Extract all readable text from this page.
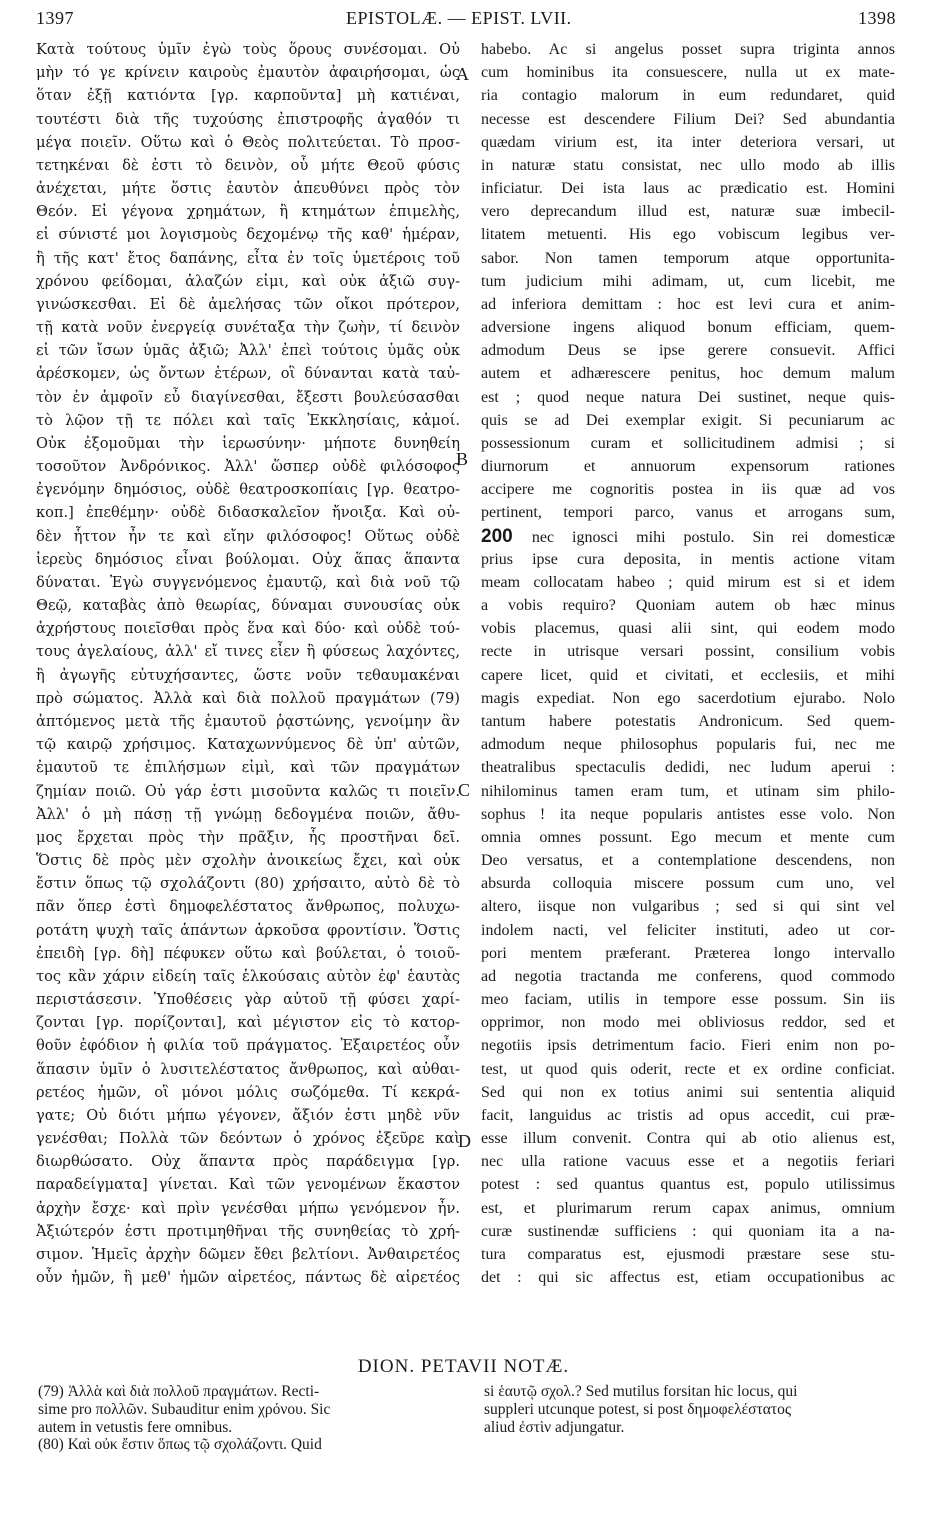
1397	EPISTOLÆ. — EPIST. LVII.	1398
Κατὰ τούτους ὑμῖν ἐγὼ τοὺς ὅρους συνέσομαι. Οὐ
μὴν τό γε κρίνειν καιροὺς ἐμαυτὸν ἀφαιρήσομαι, ὡς
ὅταν ἐξῇ κατιόντα [γρ. καρποῦντα] μὴ κατιέναι,
τουτέστι διὰ τῆς τυχούσης ἐπιστροφῆς ἀγαθόν τι
μέγα ποιεῖν. Οὕτω καὶ ὁ Θεὸς πολιτεύεται. Τὸ προσ-
τετηκέναι δὲ ἐστι τὸ δεινὸν, οὗ μήτε Θεοῦ φύσις
ἀνέχεται, μήτε ὅστις ἑαυτὸν ἀπευθύνει πρὸς τὸν
Θεόν. Εἰ γέγονα χρημάτων, ἢ κτημάτων ἐπιμελὴς,
εἰ σύνιστέ μοι λογισμοὺς δεχομένῳ τῆς καθ' ἡμέραν,
ἢ τῆς κατ' ἔτος δαπάνης, εἶτα ἐν τοῖς ὑμετέροις τοῦ
χρόνου φείδομαι, ἀλαζών εἰμι, καὶ οὐκ ἀξιῶ συγ-
γινώσκεσθαι. Εἰ δὲ ἀμελήσας τῶν οἴκοι πρότερον,
τῇ κατὰ νοῦν ἐνεργείᾳ συνέταξα τὴν ζωὴν, τί δεινὸν
εἰ τῶν ἴσων ὑμᾶς ἀξιῶ; Ἀλλ' ἐπεὶ τούτοις ὑμᾶς οὐκ
ἀρέσκομεν, ὡς ὄντων ἑτέρων, οἳ δύνανται κατὰ ταὐ-
τὸν ἐν ἀμφοῖν εὖ διαγίνεσθαι, ἔξεστι βουλεύσασθαι
τὸ λῷον τῇ τε πόλει καὶ ταῖς Ἐκκλησίαις, κἀμοί.
Οὐκ ἐξομοῦμαι τὴν ἱερωσύνην· μήποτε δυνηθείη
τοσοῦτον Ἀνδρόνικος. Ἀλλ' ὥσπερ οὐδὲ φιλόσοφος
ἐγενόμην δημόσιος, οὐδὲ θεατροσκοπίαις [γρ. θεατρο-
κοπ.] ἐπεθέμην· οὐδὲ διδασκαλεῖον ἤνοιξα. Καὶ οὐ-
δὲν ἧττον ἦν τε καὶ εἴην φιλόσοφος! Οὕτως οὐδὲ
ἱερεὺς δημόσιος εἶναι βούλομαι. Οὐχ ἅπας ἅπαντα
δύναται. Ἐγὼ συγγενόμενος ἐμαυτῷ, καὶ διὰ νοῦ τῷ
Θεῷ, καταβὰς ἀπὸ θεωρίας, δύναμαι συνουσίας οὐκ
ἀχρήστους ποιεῖσθαι πρὸς ἕνα καὶ δύο· καὶ οὐδὲ τού-
τους ἀγελαίους, ἀλλ' εἴ τινες εἶεν ἢ φύσεως λαχόντες,
ἢ ἀγωγῆς εὐτυχήσαντες, ὥστε νοῦν τεθαυμακέναι
πρὸ σώματος. Ἀλλὰ καὶ διὰ πολλοῦ πραγμάτων (79)
ἀπτόμενος μετὰ τῆς ἐμαυτοῦ ῥᾳστώνης, γενοίμην ἂν
τῷ καιρῷ χρήσιμος. Καταχωννύμενος δὲ ὑπ' αὐτῶν,
ἐμαυτοῦ τε ἐπιλήσμων εἰμὶ, καὶ τῶν πραγμάτων
ζημίαν ποιῶ. Οὐ γάρ ἐστι μισοῦντα καλῶς τι ποιεῖν.
Ἀλλ' ὁ μὴ πάσῃ τῇ γνώμῃ δεδογμένα ποιῶν, ἄθυ-
μος ἔρχεται πρὸς τὴν πρᾶξιν, ἧς προστῆναι δεῖ.
Ὅστις δὲ πρὸς μὲν σχολὴν ἀνοικείως ἔχει, καὶ οὐκ
ἔστιν ὅπως τῷ σχολάζοντι (80) χρήσαιτο, αὐτὸ δὲ τὸ
πᾶν ὅπερ ἐστὶ δημοφελέστατος ἄνθρωπος, πολυχω-
ροτάτη ψυχὴ ταῖς ἁπάντων ἀρκοῦσα φροντίσιν. Ὅστις
ἐπειδὴ [γρ. δὴ] πέφυκεν οὕτω καὶ βούλεται, ὁ τοιοῦ-
τος κἂν χάριν εἰδείη ταῖς ἑλκούσαις αὐτὸν ἐφ' ἑαυτὰς
περιστάσεσιν. Ὑποθέσεις γὰρ αὐτοῦ τῇ φύσει χαρί-
ζονται [γρ. πορίζονται], καὶ μέγιστον εἰς τὸ κατορ-
θοῦν ἐφόδιον ἡ φιλία τοῦ πράγματος. Ἐξαιρετέος οὖν
ἅπασιν ὑμῖν ὁ λυσιτελέστατος ἄνθρωπος, καὶ αὐθαι-
ρετέος ἡμῶν, οἳ μόνοι μόλις σωζόμεθα. Τί κεκρά-
γατε; Οὐ διότι μήπω γέγονεν, ἄξιόν ἐστι μηδὲ νῦν
γενέσθαι; Πολλὰ τῶν δεόντων ὁ χρόνος ἐξεῦρε καὶ
διωρθώσατο. Οὐχ ἅπαντα πρὸς παράδειγμα [γρ.
παραδείγματα] γίνεται. Καὶ τῶν γενομένων ἕκαστον
ἀρχὴν ἔσχε· καὶ πρὶν γενέσθαι μήπω γενόμενον ἦν.
Ἀξιώτερόν ἐστι προτιμηθῆναι τῆς συνηθείας τὸ χρή-
σιμον. Ἡμεῖς ἀρχὴν δῶμεν ἔθει βελτίονι. Ἀνθαιρετέος
οὖν ἡμῶν, ἢ μεθ' ἡμῶν αἱρετέος, πάντως δὲ αἱρετέος
habebo. Ac si angelus posset supra triginta annos
cum hominibus ita consuescere, nulla ut ex mate-
ria contagio malorum in eum redundaret, quid
necesse est descendere Filium Dei? Sed abundantia
quædam virium est, ita inter deteriora versari, ut
in naturæ statu consistat, nec ullo modo ab illis
inficiatur. Dei ista laus ac prædicatio est. Homini
vero deprecandum illud est, naturæ suæ imbecil-
litatem metuenti. His ego vobiscum legibus ver-
sabor. Non tamen temporum atque opportunita-
tum judicium mihi adimam, ut, cum licebit, me
ad inferiora demittam : hoc est levi cura et anim-
adversione ingens aliquod bonum efficiam, quem-
admodum Deus se ipse gerere consuevit. Affici
autem et adhærescere penitus, hoc demum malum
est ; quod neque natura Dei sustinet, neque quis-
quis se ad Dei exemplar exigit. Si pecuniarum ac
possessionum curam et sollicitudinem admisi ; si
diurnorum et annuorum expensorum rationes
accipere me cognoritis postea in iis quæ ad vos
pertinent, tempori parco, vanus et arrogans sum,
200 nec ignosci mihi postulo. Sin rei domesticæ
prius ipse cura deposita, in mentis actione vitam
meam collocatam habeo ; quid mirum est si et idem
a vobis requiro? Quoniam autem ob hæc minus
vobis placemus, quasi alii sint, qui eodem modo
recte in utrisque versari possint, consilium vobis
capere licet, quid et civitati, et ecclesiis, et mihi
magis expediat. Non ego sacerdotium ejurabo. Nolo
tantum habere potestatis Andronicum. Sed quem-
admodum neque philosophus popularis fui, nec me
theatralibus spectaculis dedidi, nec ludum aperui :
nihilominus tamen eram tum, et utinam sim philo-
sophus ! ita neque popularis antistes esse volo. Non
omnia omnes possunt. Ego mecum et mente cum
Deo versatus, et a contemplatione descendens, non
absurda colloquia miscere possum cum uno, vel
altero, iisque non vulgaribus ; sed si qui sint vel
indolem nacti, vel feliciter instituti, adeo ut cor-
pori mentem præferant. Præterea longo intervallo
ad negotia tractanda me conferens, quod commodo
meo faciam, utilis in tempore esse possum. Sin iis
opprimor, non modo mei obliviosus reddor, sed et
negotiis ipsis detrimentum facio. Fieri enim non po-
test, ut quod quis oderit, recte et ex ordine conficiat.
Sed qui non ex totius animi sui sententia aliquid
facit, languidus ac tristis ad opus accedit, cui præ-
esse illum convenit. Contra qui ab otio alienus est,
nec ulla ratione vacuus esse et a negotiis feriari
potest : sed quantus quantus est, populo utilissimus
est, et plurimarum rerum capax animus, omnium
curæ sustinendæ sufficiens : qui quoniam ita a na-
tura comparatus est, ejusmodi præstare sese stu-
det : qui sic affectus est, etiam occupationibus ac
A
B
C
D
DION. PETAVII NOTÆ.
(79) Ἀλλὰ καὶ διὰ πολλοῦ πραγμάτων. Recti-
sime pro πολλῶν. Subauditur enim χρόνου. Sic
autem in vetustis fere omnibus.
(80) Καὶ οὐκ ἔστιν ὅπως τῷ σχολάζοντι. Quid
si ἑαυτῷ σχολ.? Sed mutilus forsitan hic locus, qui
suppleri utcunque potest, si post δημοφελέστατος
aliud ἐστὶν adjungatur.
